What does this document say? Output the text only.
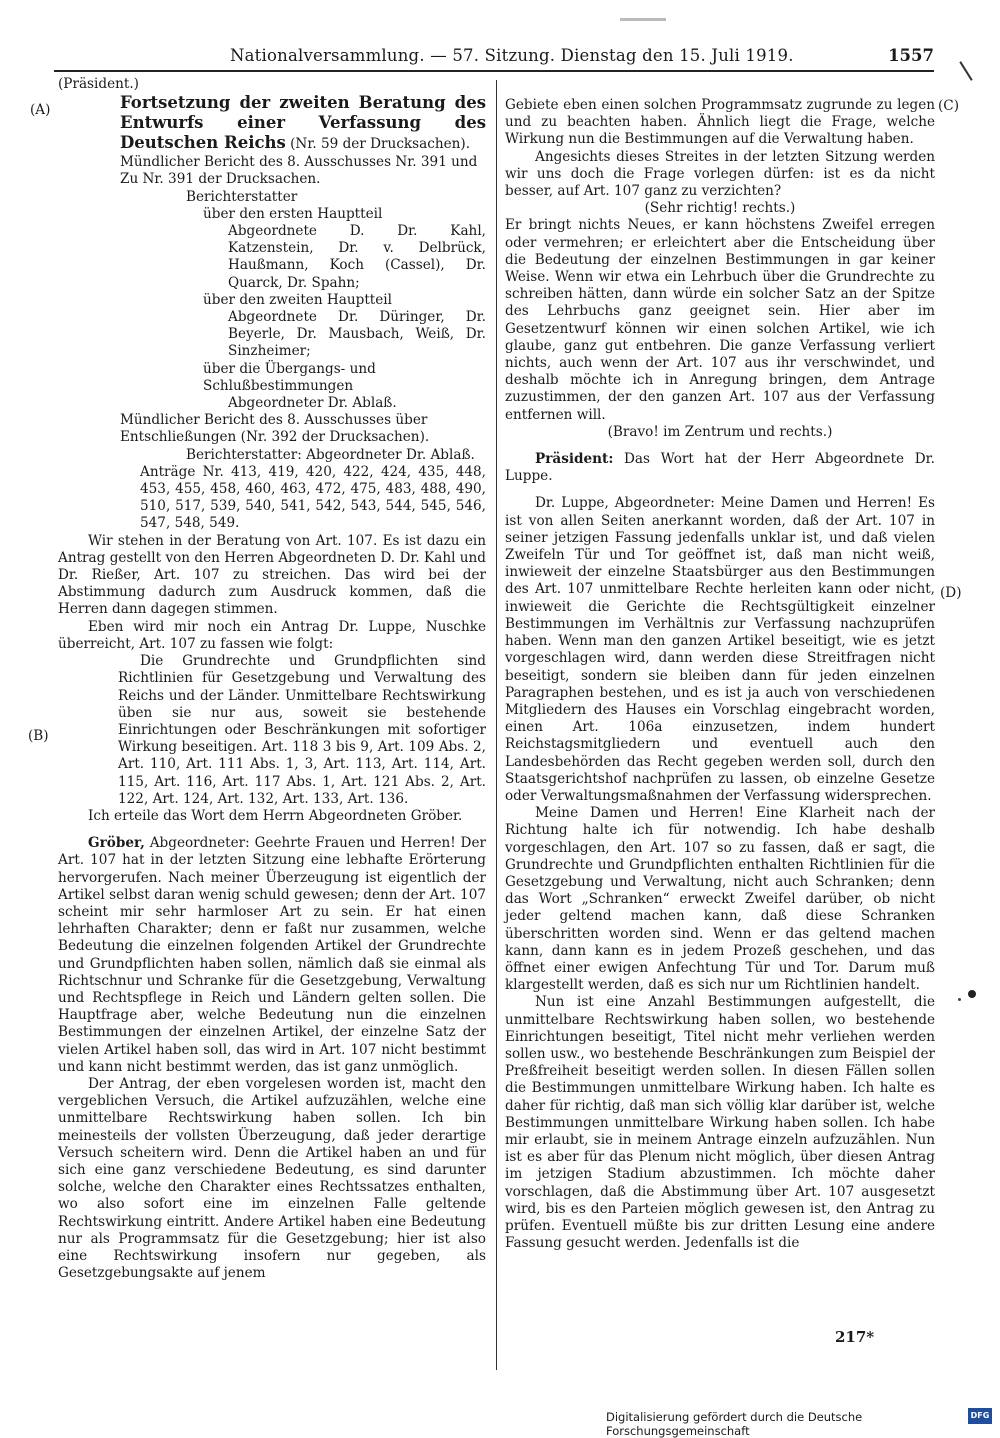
Nationalversammlung. — 57. Sitzung. Dienstag den 15. Juli 1919.	1557
(A)
(B)
(C)
(D)

(Präsident.)

Fortsetzung der zweiten Beratung des Entwurfs einer Verfassung des Deutschen Reichs (Nr. 59 der Drucksachen).

Mündlicher Bericht des 8. Ausschusses Nr. 391 und Zu Nr. 391 der Drucksachen.

Berichterstatter

über den ersten Hauptteil

Abgeordnete D. Dr. Kahl, Katzenstein, Dr. v. Delbrück, Haußmann, Koch (Cassel), Dr. Quarck, Dr. Spahn;

über den zweiten Hauptteil

Abgeordnete Dr. Düringer, Dr. Beyerle, Dr. Mausbach, Weiß, Dr. Sinzheimer;

über die Übergangs- und Schlußbestimmungen

Abgeordneter Dr. Ablaß.

Mündlicher Bericht des 8. Ausschusses über Entschließungen (Nr. 392 der Drucksachen).

Berichterstatter: Abgeordneter Dr. Ablaß.

Anträge Nr. 413, 419, 420, 422, 424, 435, 448, 453, 455, 458, 460, 463, 472, 475, 483, 488, 490, 510, 517, 539, 540, 541, 542, 543, 544, 545, 546, 547, 548, 549.

Wir stehen in der Beratung von Art. 107. Es ist dazu ein Antrag gestellt von den Herren Abgeordneten D. Dr. Kahl und Dr. Rießer, Art. 107 zu streichen. Das wird bei der Abstimmung dadurch zum Ausdruck kommen, daß die Herren dann dagegen stimmen.

Eben wird mir noch ein Antrag Dr. Luppe, Nuschke überreicht, Art. 107 zu fassen wie folgt:

Die Grundrechte und Grundpflichten sind Richtlinien für Gesetzgebung und Verwaltung des Reichs und der Länder. Unmittelbare Rechtswirkung üben sie nur aus, soweit sie bestehende Einrichtungen oder Beschränkungen mit sofortiger Wirkung beseitigen. Art. 118 3 bis 9, Art. 109 Abs. 2, Art. 110, Art. 111 Abs. 1, 3, Art. 113, Art. 114, Art. 115, Art. 116, Art. 117 Abs. 1, Art. 121 Abs. 2, Art. 122, Art. 124, Art. 132, Art. 133, Art. 136.

Ich erteile das Wort dem Herrn Abgeordneten Gröber.

Gröber, Abgeordneter: Geehrte Frauen und Herren! Der Art. 107 hat in der letzten Sitzung eine lebhafte Erörterung hervorgerufen. Nach meiner Überzeugung ist eigentlich der Artikel selbst daran wenig schuld gewesen; denn der Art. 107 scheint mir sehr harmloser Art zu sein. Er hat einen lehrhaften Charakter; denn er faßt nur zusammen, welche Bedeutung die einzelnen folgenden Artikel der Grundrechte und Grundpflichten haben sollen, nämlich daß sie einmal als Richtschnur und Schranke für die Gesetzgebung, Verwaltung und Rechtspflege in Reich und Ländern gelten sollen. Die Hauptfrage aber, welche Bedeutung nun die einzelnen Bestimmungen der einzelnen Artikel, der einzelne Satz der vielen Artikel haben soll, das wird in Art. 107 nicht bestimmt und kann nicht bestimmt werden, das ist ganz unmöglich.

Der Antrag, der eben vorgelesen worden ist, macht den vergeblichen Versuch, die Artikel aufzuzählen, welche eine unmittelbare Rechtswirkung haben sollen. Ich bin meinesteils der vollsten Überzeugung, daß jeder derartige Versuch scheitern wird. Denn die Artikel haben an und für sich eine ganz verschiedene Bedeutung, es sind darunter solche, welche den Charakter eines Rechtssatzes enthalten, wo also sofort eine im einzelnen Falle geltende Rechtswirkung eintritt. Andere Artikel haben eine Bedeutung nur als Programmsatz für die Gesetzgebung; hier ist also eine Rechtswirkung insofern nur gegeben, als Gesetzgebungsakte auf jenem

Gebiete eben einen solchen Programmsatz zugrunde zu legen und zu beachten haben. Ähnlich liegt die Frage, welche Wirkung nun die Bestimmungen auf die Verwaltung haben.

Angesichts dieses Streites in der letzten Sitzung werden wir uns doch die Frage vorlegen dürfen: ist es da nicht besser, auf Art. 107 ganz zu verzichten?

(Sehr richtig! rechts.)

Er bringt nichts Neues, er kann höchstens Zweifel erregen oder vermehren; er erleichtert aber die Entscheidung über die Bedeutung der einzelnen Bestimmungen in gar keiner Weise. Wenn wir etwa ein Lehrbuch über die Grundrechte zu schreiben hätten, dann würde ein solcher Satz an der Spitze des Lehrbuchs ganz geeignet sein. Hier aber im Gesetzentwurf können wir einen solchen Artikel, wie ich glaube, ganz gut entbehren. Die ganze Verfassung verliert nichts, auch wenn der Art. 107 aus ihr verschwindet, und deshalb möchte ich in Anregung bringen, dem Antrage zuzustimmen, der den ganzen Art. 107 aus der Verfassung entfernen will.

(Bravo! im Zentrum und rechts.)

Präsident: Das Wort hat der Herr Abgeordnete Dr. Luppe.

Dr. Luppe, Abgeordneter: Meine Damen und Herren! Es ist von allen Seiten anerkannt worden, daß der Art. 107 in seiner jetzigen Fassung jedenfalls unklar ist, und daß vielen Zweifeln Tür und Tor geöffnet ist, daß man nicht weiß, inwieweit der einzelne Staatsbürger aus den Bestimmungen des Art. 107 unmittelbare Rechte herleiten kann oder nicht, inwieweit die Gerichte die Rechtsgültigkeit einzelner Bestimmungen im Verhältnis zur Verfassung nachzuprüfen haben. Wenn man den ganzen Artikel beseitigt, wie es jetzt vorgeschlagen wird, dann werden diese Streitfragen nicht beseitigt, sondern sie bleiben dann für jeden einzelnen Paragraphen bestehen, und es ist ja auch von verschiedenen Mitgliedern des Hauses ein Vorschlag eingebracht worden, einen Art. 106a einzusetzen, indem hundert Reichstagsmitgliedern und eventuell auch den Landesbehörden das Recht gegeben werden soll, durch den Staatsgerichtshof nachprüfen zu lassen, ob einzelne Gesetze oder Verwaltungsmaßnahmen der Verfassung widersprechen.

Meine Damen und Herren! Eine Klarheit nach der Richtung halte ich für notwendig. Ich habe deshalb vorgeschlagen, den Art. 107 so zu fassen, daß er sagt, die Grundrechte und Grundpflichten enthalten Richtlinien für die Gesetzgebung und Verwaltung, nicht auch Schranken; denn das Wort „Schranken“ erweckt Zweifel darüber, ob nicht jeder geltend machen kann, daß diese Schranken überschritten worden sind. Wenn er das geltend machen kann, dann kann es in jedem Prozeß geschehen, und das öffnet einer ewigen Anfechtung Tür und Tor. Darum muß klargestellt werden, daß es sich nur um Richtlinien handelt.

Nun ist eine Anzahl Bestimmungen aufgestellt, die unmittelbare Rechtswirkung haben sollen, wo bestehende Einrichtungen beseitigt, Titel nicht mehr verliehen werden sollen usw., wo bestehende Beschränkungen zum Beispiel der Preßfreiheit beseitigt werden sollen. In diesen Fällen sollen die Bestimmungen unmittelbare Wirkung haben. Ich halte es daher für richtig, daß man sich völlig klar darüber ist, welche Bestimmungen unmittelbare Wirkung haben sollen. Ich habe mir erlaubt, sie in meinem Antrage einzeln aufzuzählen. Nun ist es aber für das Plenum nicht möglich, über diesen Antrag im jetzigen Stadium abzustimmen. Ich möchte daher vorschlagen, daß die Abstimmung über Art. 107 ausgesetzt wird, bis es den Parteien möglich gewesen ist, den Antrag zu prüfen. Eventuell müßte bis zur dritten Lesung eine andere Fassung gesucht werden. Jedenfalls ist die

217*
Digitalisierung gefördert durch die Deutsche Forschungsgemeinschaft
DFG
